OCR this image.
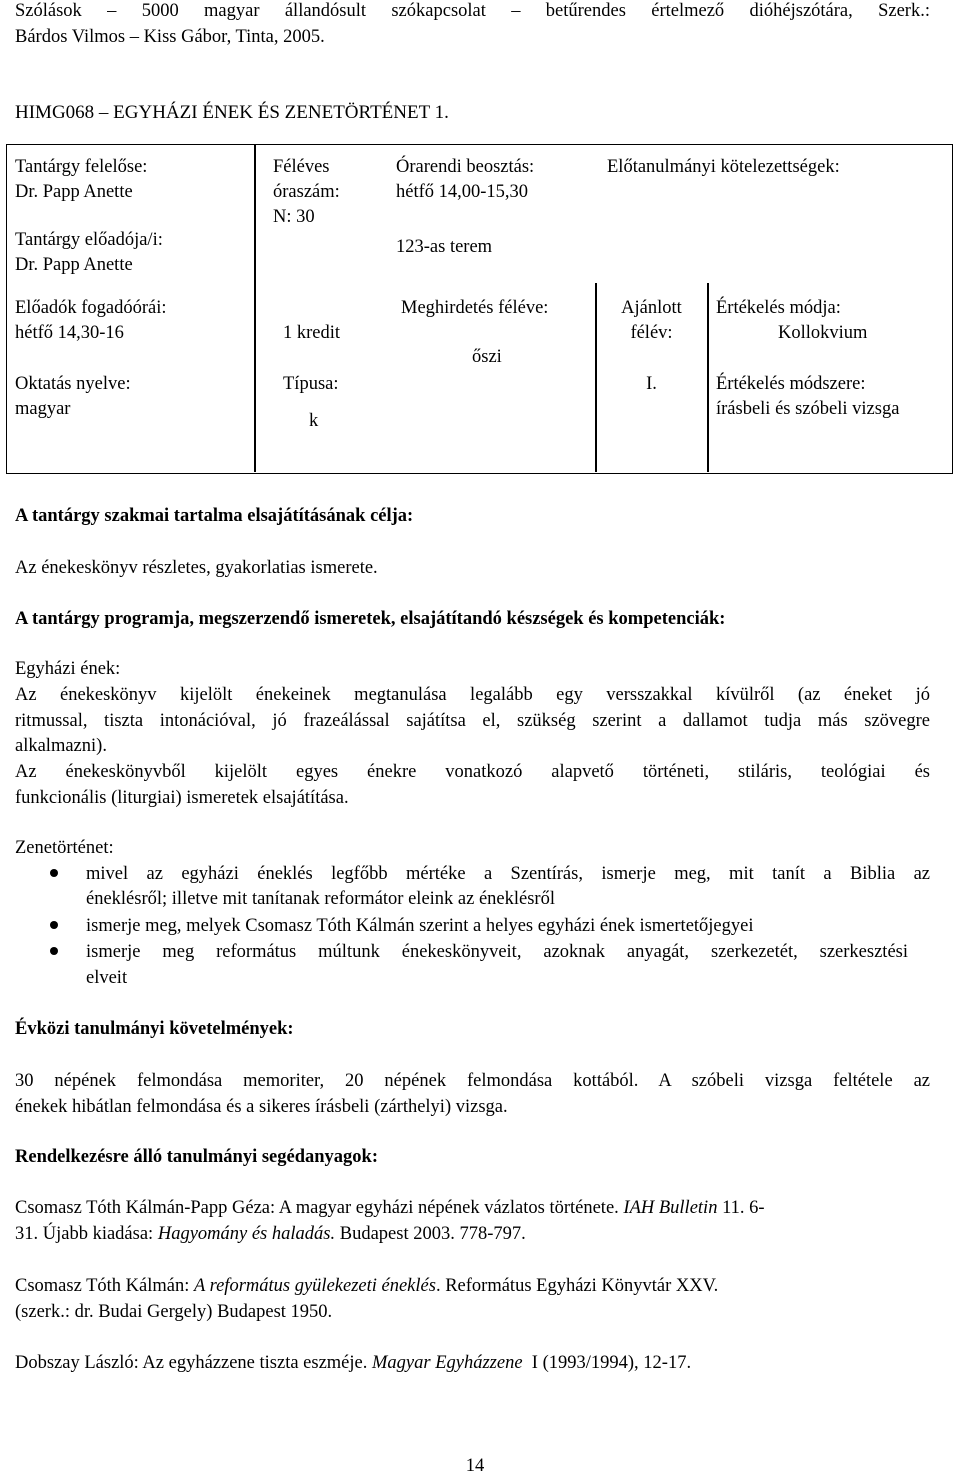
Szólások – 5000 magyar állandósult szókapcsolat – betűrendes értelmező dióhéjszótára, Szerk.:
Bárdos Vilmos – Kiss Gábor, Tinta, 2005.
HIMG068 – EGYHÁZI ÉNEK ÉS ZENETÖRTÉNET 1.
Tantárgy felelőse:
Dr. Papp Anette
Tantárgy előadója/i:
Dr. Papp Anette
Előadók fogadóórái:
hétfő 14,30-16
Oktatás nyelve:
magyar
Féléves
óraszám:
N: 30
1 kredit
Típusa:
k
Órarendi beosztás:
hétfő 14,00-15,30
123-as terem
Meghirdetés féléve:
őszi
Előtanulmányi kötelezettségek:
Ajánlott
félév:
I.
Értékelés módja:
Kollokvium
Értékelés módszere:
írásbeli és szóbeli vizsga
A tantárgy szakmai tartalma elsajátításának célja:
Az énekeskönyv részletes, gyakorlatias ismerete.
A tantárgy programja, megszerzendő ismeretek, elsajátítandó készségek és kompetenciák:
Egyházi ének:
Az énekeskönyv kijelölt énekeinek megtanulása legalább egy versszakkal kívülről (az éneket jó
ritmussal, tiszta intonációval, jó frazeálással sajátítsa el, szükség szerint a dallamot tudja más szövegre
alkalmazni).
Az énekeskönyvből kijelölt egyes énekre vonatkozó alapvető történeti, stiláris, teológiai és
funkcionális (liturgiai) ismeretek elsajátítása.
Zenetörténet:
mivel az egyházi éneklés legfőbb mértéke a Szentírás, ismerje meg, mit tanít a Biblia az
éneklésről; illetve mit tanítanak reformátor eleink az éneklésről
ismerje meg, melyek Csomasz Tóth Kálmán szerint a helyes egyházi ének ismertetőjegyei
ismerje meg református múltunk énekeskönyveit, azoknak anyagát, szerkezetét, szerkesztési
elveit
Évközi tanulmányi követelmények:
30 népének felmondása memoriter, 20 népének felmondása kottából. A szóbeli vizsga feltétele az
énekek hibátlan felmondása és a sikeres írásbeli (zárthelyi) vizsga.
Rendelkezésre álló tanulmányi segédanyagok:
Csomasz Tóth Kálmán-Papp Géza: A magyar egyházi népének vázlatos története. IAH Bulletin 11. 6-
31. Újabb kiadása: Hagyomány és haladás. Budapest 2003. 778-797.
Csomasz Tóth Kálmán: A református gyülekezeti éneklés. Református Egyházi Könyvtár XXV.
(szerk.: dr. Budai Gergely) Budapest 1950.
Dobszay László: Az egyházzene tiszta eszméje. Magyar Egyházzene  I (1993/1994), 12-17.
14
